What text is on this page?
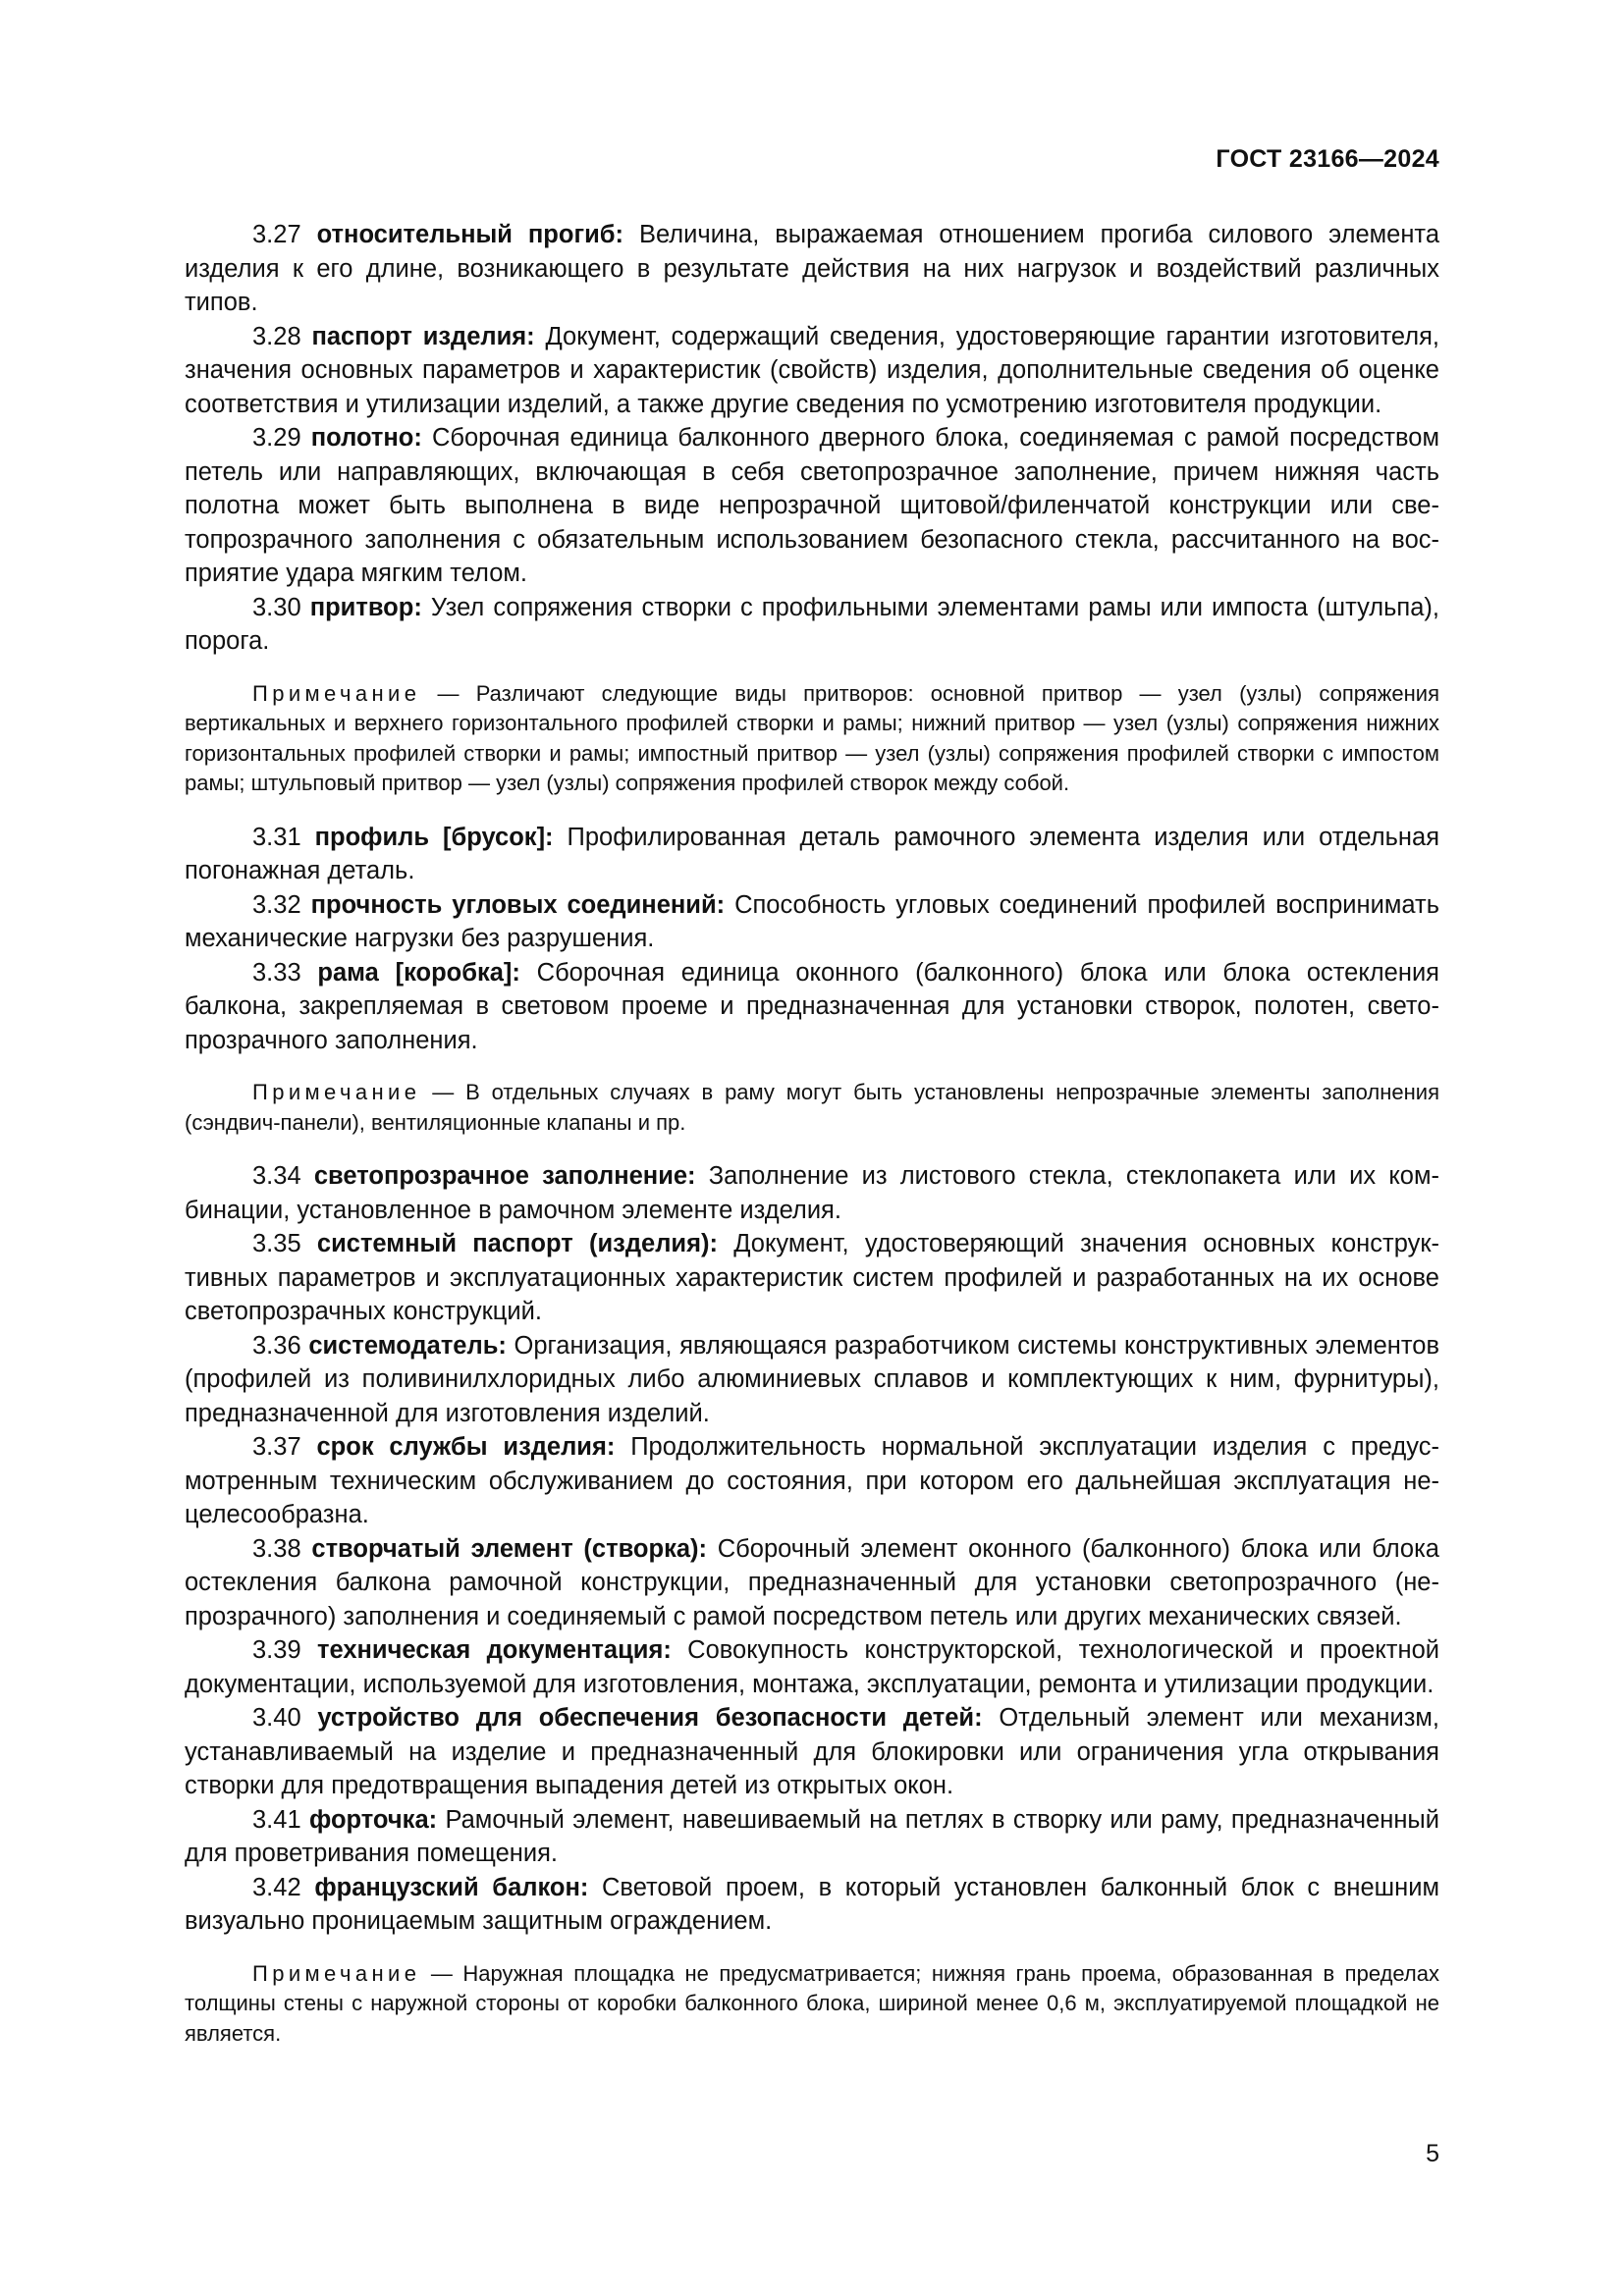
ГОСТ 23166—2024

3.27 относительный прогиб: Величина, выражаемая отношением прогиба силового элемента изделия к его длине, возникающего в результате действия на них нагрузок и воздействий различных типов.

3.28 паспорт изделия: Документ, содержащий сведения, удостоверяющие гарантии изготовителя, значения основных параметров и характеристик (свойств) изделия, дополнительные сведения об оценке соответствия и утилизации изделий, а также другие сведения по усмотрению изготовителя продукции.

3.29 полотно: Сборочная единица балконного дверного блока, соединяемая с рамой посредством петель или направляющих, включающая в себя светопрозрачное заполнение, причем нижняя часть полотна может быть выполнена в виде непрозрачной щитовой/филенчатой конструкции или светопрозрачного заполнения с обязательным использованием безопасного стекла, рассчитанного на восприятие удара мягким телом.

3.30 притвор: Узел сопряжения створки с профильными элементами рамы или импоста (штульпа), порога.

Примечание — Различают следующие виды притворов: основной притвор — узел (узлы) сопряжения вертикальных и верхнего горизонтального профилей створки и рамы; нижний притвор — узел (узлы) сопряжения нижних горизонтальных профилей створки и рамы; импостный притвор — узел (узлы) сопряжения профилей створки с импостом рамы; штульповый притвор — узел (узлы) сопряжения профилей створок между собой.

3.31 профиль [брусок]: Профилированная деталь рамочного элемента изделия или отдельная погонажная деталь.

3.32 прочность угловых соединений: Способность угловых соединений профилей воспринимать механические нагрузки без разрушения.

3.33 рама [коробка]: Сборочная единица оконного (балконного) блока или блока остекления балкона, закрепляемая в световом проеме и предназначенная для установки створок, полотен, светопрозрачного заполнения.

Примечание — В отдельных случаях в раму могут быть установлены непрозрачные элементы заполнения (сэндвич-панели), вентиляционные клапаны и пр.

3.34 светопрозрачное заполнение: Заполнение из листового стекла, стеклопакета или их комбинации, установленное в рамочном элементе изделия.

3.35 системный паспорт (изделия): Документ, удостоверяющий значения основных конструктивных параметров и эксплуатационных характеристик систем профилей и разработанных на их основе светопрозрачных конструкций.

3.36 системодатель: Организация, являющаяся разработчиком системы конструктивных элементов (профилей из поливинилхлоридных либо алюминиевых сплавов и комплектующих к ним, фурнитуры), предназначенной для изготовления изделий.

3.37 срок службы изделия: Продолжительность нормальной эксплуатации изделия с предусмотренным техническим обслуживанием до состояния, при котором его дальнейшая эксплуатация нецелесообразна.

3.38 створчатый элемент (створка): Сборочный элемент оконного (балконного) блока или блока остекления балкона рамочной конструкции, предназначенный для установки светопрозрачного (непрозрачного) заполнения и соединяемый с рамой посредством петель или других механических связей.

3.39 техническая документация: Совокупность конструкторской, технологической и проектной документации, используемой для изготовления, монтажа, эксплуатации, ремонта и утилизации продукции.

3.40 устройство для обеспечения безопасности детей: Отдельный элемент или механизм, устанавливаемый на изделие и предназначенный для блокировки или ограничения угла открывания створки для предотвращения выпадения детей из открытых окон.

3.41 форточка: Рамочный элемент, навешиваемый на петлях в створку или раму, предназначенный для проветривания помещения.

3.42 французский балкон: Световой проем, в который установлен балконный блок с внешним визуально проницаемым защитным ограждением.

Примечание — Наружная площадка не предусматривается; нижняя грань проема, образованная в пределах толщины стены с наружной стороны от коробки балконного блока, шириной менее 0,6 м, эксплуатируемой площадкой не является.

5
